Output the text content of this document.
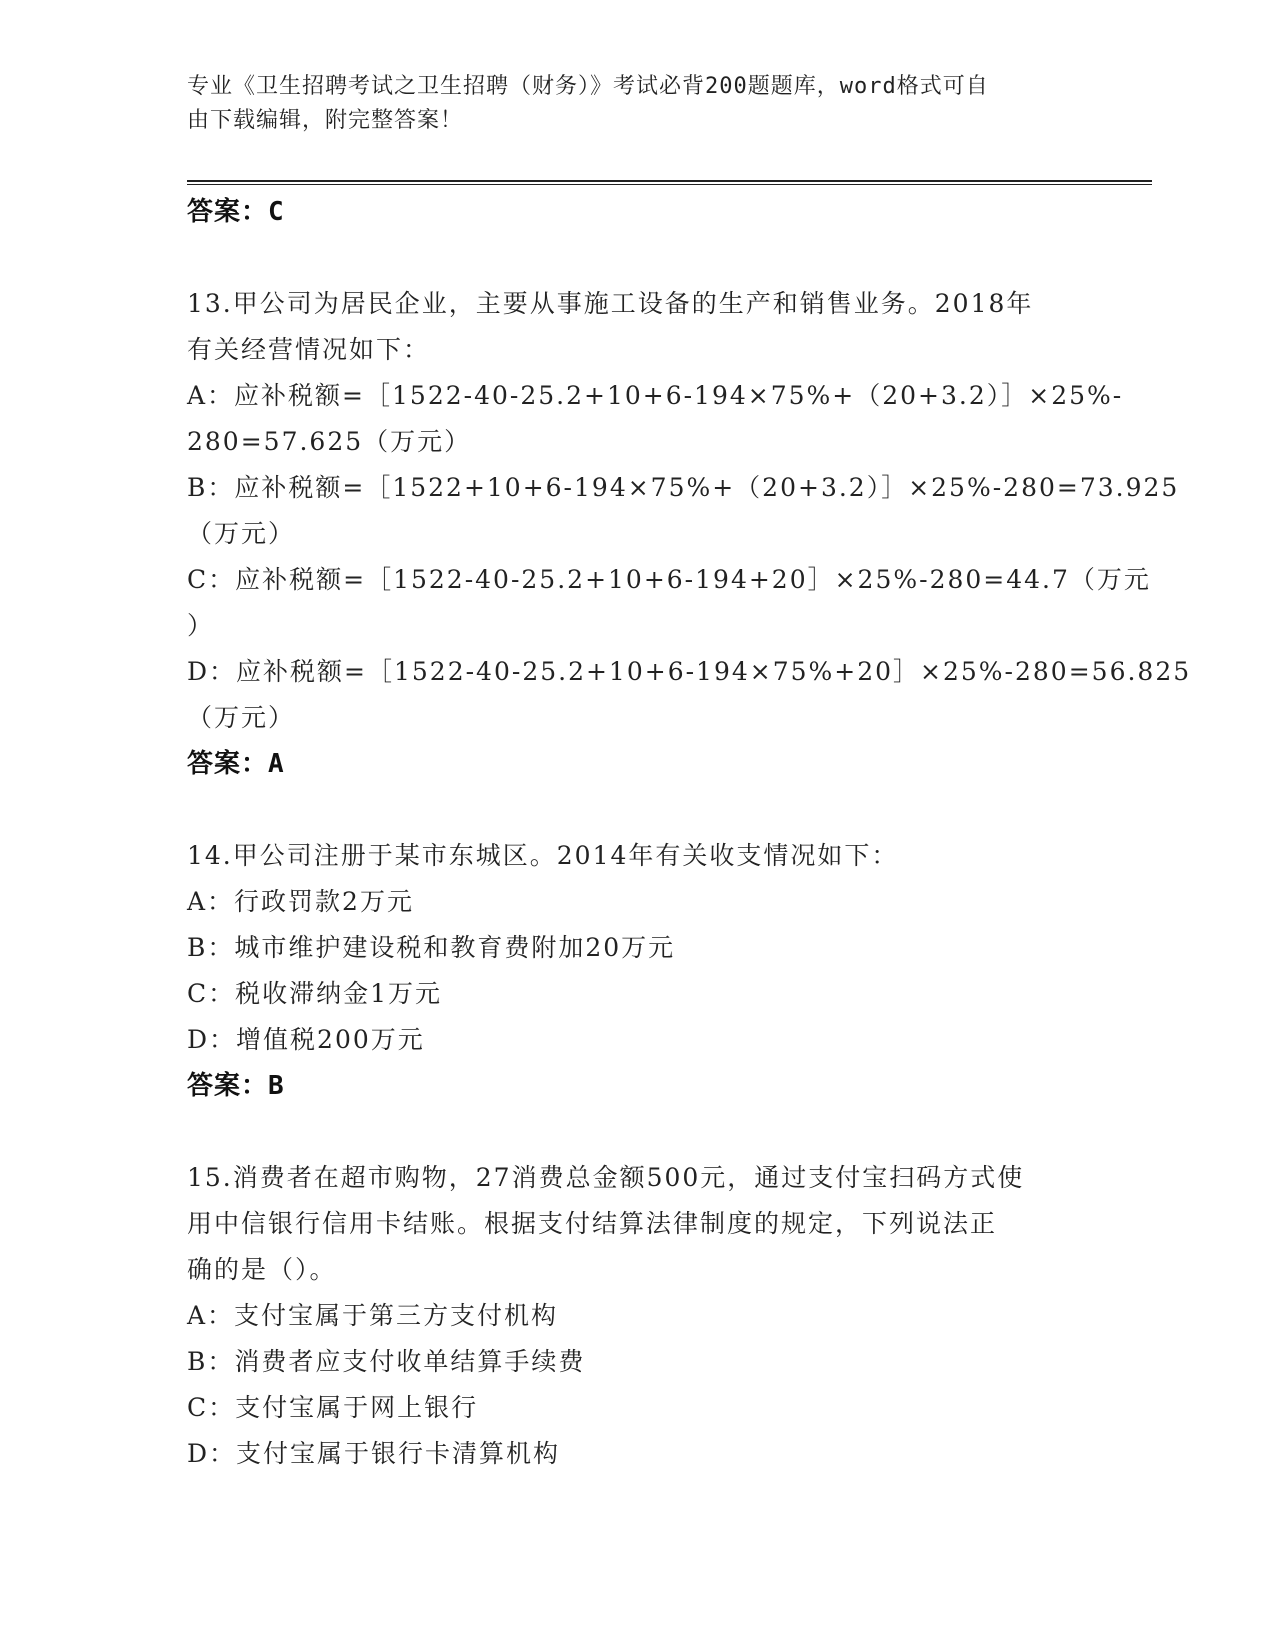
专业《卫生招聘考试之卫生招聘（财务）》考试必背200题题库，word格式可自
由下载编辑，附完整答案！
答案：C
13.甲公司为居民企业，主要从事施工设备的生产和销售业务。2018年
有关经营情况如下：
A：应补税额=［1522-40-25.2+10+6-194×75%+（20+3.2）］×25%-
280=57.625（万元）
B：应补税额=［1522+10+6-194×75%+（20+3.2）］×25%-280=73.925
（万元）
C：应补税额=［1522-40-25.2+10+6-194+20］×25%-280=44.7（万元
）
D：应补税额=［1522-40-25.2+10+6-194×75%+20］×25%-280=56.825
（万元）
答案：A
14.甲公司注册于某市东城区。2014年有关收支情况如下：
A：行政罚款2万元
B：城市维护建设税和教育费附加20万元
C：税收滞纳金1万元
D：增值税200万元
答案：B
15.消费者在超市购物，27消费总金额500元，通过支付宝扫码方式使
用中信银行信用卡结账。根据支付结算法律制度的规定，下列说法正
确的是（）。
A：支付宝属于第三方支付机构
B：消费者应支付收单结算手续费
C：支付宝属于网上银行
D：支付宝属于银行卡清算机构
